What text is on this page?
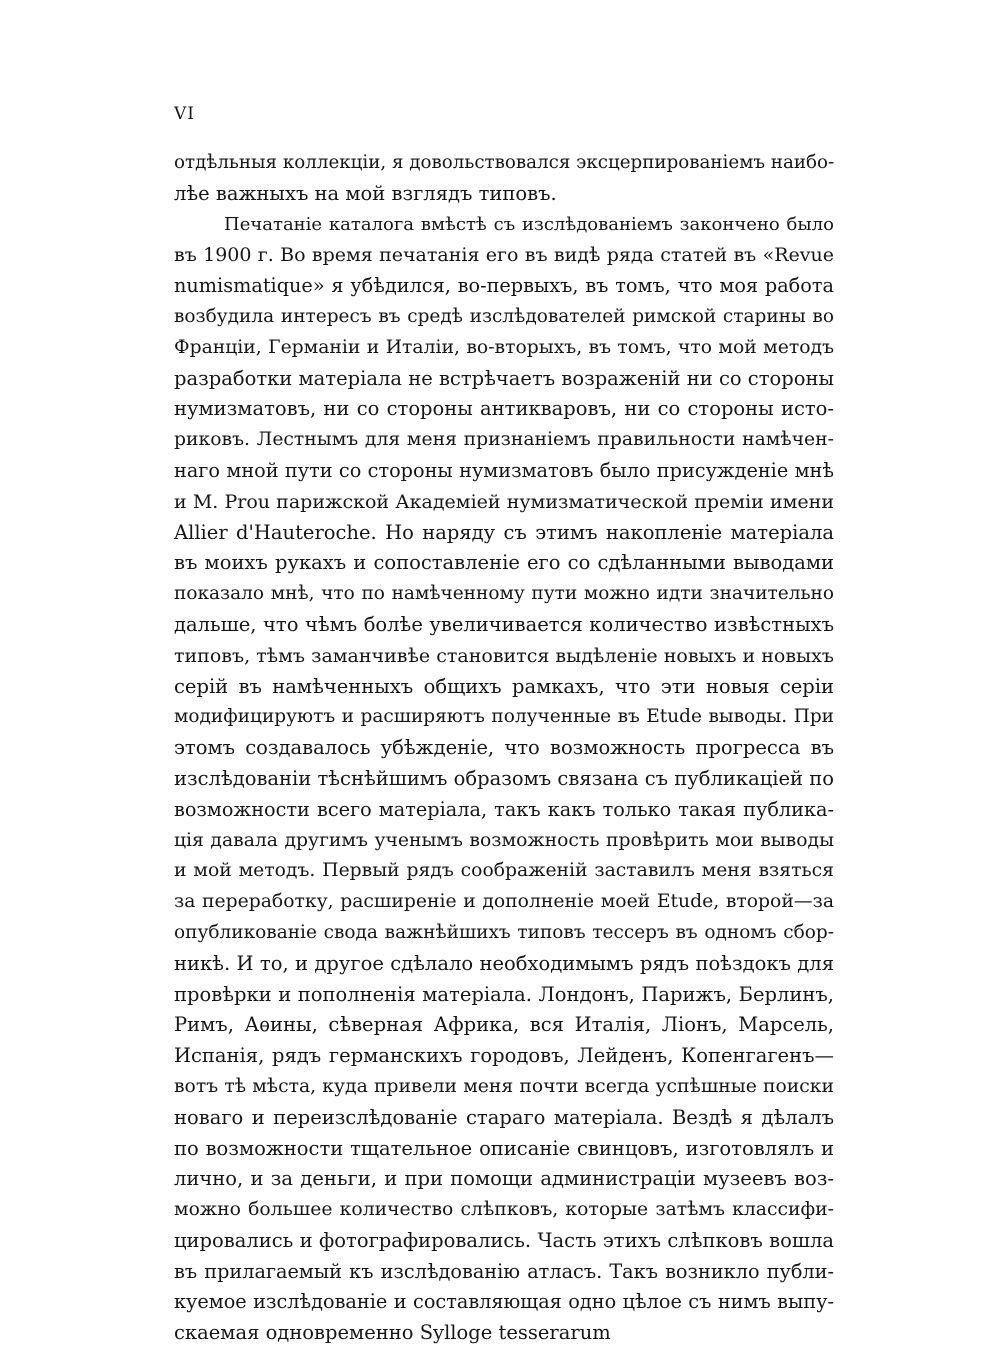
VI
отдѣльныя коллекціи, я довольствовался эксцерпированіемъ наибо-
лѣе важныхъ на мой взглядъ типовъ.
Печатаніе каталога вмѣстѣ съ изслѣдованіемъ закончено было
въ 1900 г. Во время печатанія его въ видѣ ряда статей въ «Revue
numismatique» я убѣдился, во-первыхъ, въ томъ, что моя работа
возбудила интересъ въ средѣ изслѣдователей римской старины во
Франціи, Германіи и Италіи, во-вторыхъ, въ томъ, что мой методъ
разработки матеріала не встрѣчаетъ возраженій ни со стороны
нумизматовъ, ни со стороны антикваровъ, ни со стороны исто-
риковъ. Лестнымъ для меня признаніемъ правильности намѣчен-
наго мной пути со стороны нумизматовъ было присужденіе мнѣ
и M. Prou парижской Академіей нумизматической преміи имени
Allier d'Hauteroche. Но наряду съ этимъ накопленіе матеріала
въ моихъ рукахъ и сопоставленіе его со сдѣланными выводами
показало мнѣ, что по намѣченному пути можно идти значительно
дальше, что чѣмъ болѣе увеличивается количество извѣстныхъ
типовъ, тѣмъ заманчивѣе становится выдѣленіе новыхъ и новыхъ
серій въ намѣченныхъ общихъ рамкахъ, что эти новыя серіи
модифицируютъ и расширяютъ полученные въ Etude выводы. При
этомъ создавалось убѣжденіе, что возможность прогресса въ
изслѣдованіи тѣснѣйшимъ образомъ связана съ публикаціей по
возможности всего матеріала, такъ какъ только такая публика-
ція давала другимъ ученымъ возможность провѣрить мои выводы
и мой методъ. Первый рядъ соображеній заставилъ меня взяться
за переработку, расширеніе и дополненіе моей Etude, второй—за
опубликованіе свода важнѣйшихъ типовъ тессеръ въ одномъ сбор-
никѣ. И то, и другое сдѣлало необходимымъ рядъ поѣздокъ для
провѣрки и пополненія матеріала. Лондонъ, Парижъ, Берлинъ,
Римъ, Аѳины, сѣверная Африка, вся Италія, Ліонъ, Марсель,
Испанія, рядъ германскихъ городовъ, Лейденъ, Копенгагенъ—
вотъ тѣ мѣста, куда привели меня почти всегда успѣшные поиски
новаго и переизслѣдованіе стараго матеріала. Вездѣ я дѣлалъ
по возможности тщательное описаніе свинцовъ, изготовлялъ и
лично, и за деньги, и при помощи администраціи музеевъ воз-
можно большее количество слѣпковъ, которые затѣмъ классифи-
цировались и фотографировались. Часть этихъ слѣпковъ вошла
въ прилагаемый къ изслѣдованію атласъ. Такъ возникло публи-
куемое изслѣдованіе и составляющая одно цѣлое съ нимъ выпу-
скаемая одновременно Sylloge tesserarum
